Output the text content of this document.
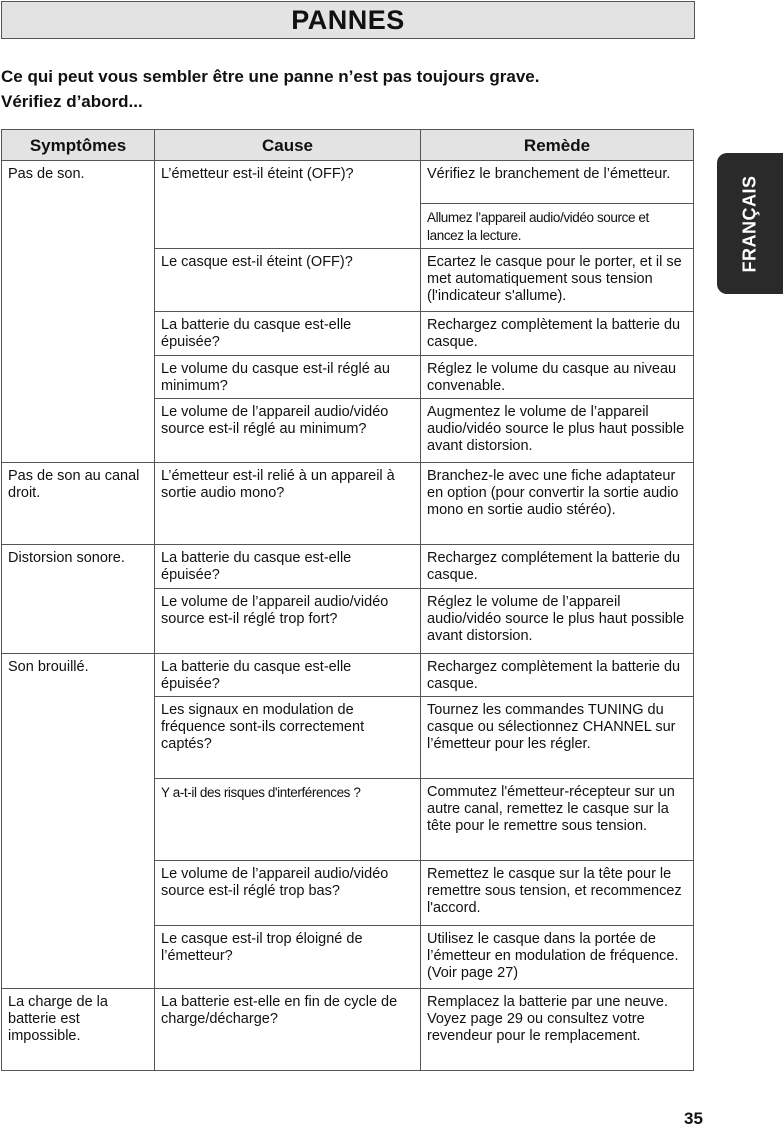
PANNES
Ce qui peut vous sembler être une panne n’est pas toujours grave.
Vérifiez d’abord...
FRANÇAIS
Symptômes	Cause	Remède
Pas de son.	L’émetteur est-il éteint (OFF)?	Vérifiez le branchement de l’émetteur.
		Allumez l’appareil audio/vidéo source et lancez la lecture.
	Le casque est-il éteint (OFF)?	Ecartez le casque pour le porter, et il se met automatiquement sous tension (l'indicateur s'allume).
	La batterie du casque est-elle épuisée?	Rechargez complètement la batterie du casque.
	Le volume du casque est-il réglé au minimum?	Réglez le volume du casque au niveau convenable.
	Le volume de l’appareil audio/vidéo source est-il réglé au minimum?	Augmentez le volume de l’appareil audio/vidéo source le plus haut possible avant distorsion.
Pas de son au canal droit.	L’émetteur est-il relié à un appareil à sortie audio mono?	Branchez-le avec une fiche adaptateur en option (pour convertir la sortie audio mono en sortie audio stéréo).
Distorsion sonore.	La batterie du casque est-elle épuisée?	Rechargez complétement la batterie du casque.
	Le volume de l’appareil audio/vidéo source est-il réglé trop fort?	Réglez le volume de l’appareil audio/vidéo source le plus haut possible avant distorsion.
Son brouillé.	La batterie du casque est-elle épuisée?	Rechargez complètement la batterie du casque.
	Les signaux en modulation de fréquence sont-ils correctement captés?	Tournez les commandes TUNING du casque ou sélectionnez CHANNEL sur l’émetteur pour les régler.
	Y a-t-il des risques d'interférences ?	Commutez l'émetteur-récepteur sur un autre canal, remettez le casque sur la tête pour le remettre sous tension.
	Le volume de l’appareil audio/vidéo source est-il réglé trop bas?	Remettez le casque sur la tête pour le remettre sous tension, et recommencez l'accord.
	Le casque est-il trop éloigné de l’émetteur?	Utilisez le casque dans la portée de l’émetteur en modulation de fréquence. (Voir page 27)
La charge de la batterie est impossible.	La batterie est-elle en fin de cycle de charge/décharge?	Remplacez la batterie par une neuve. Voyez page 29 ou consultez votre revendeur pour le remplacement.
35
